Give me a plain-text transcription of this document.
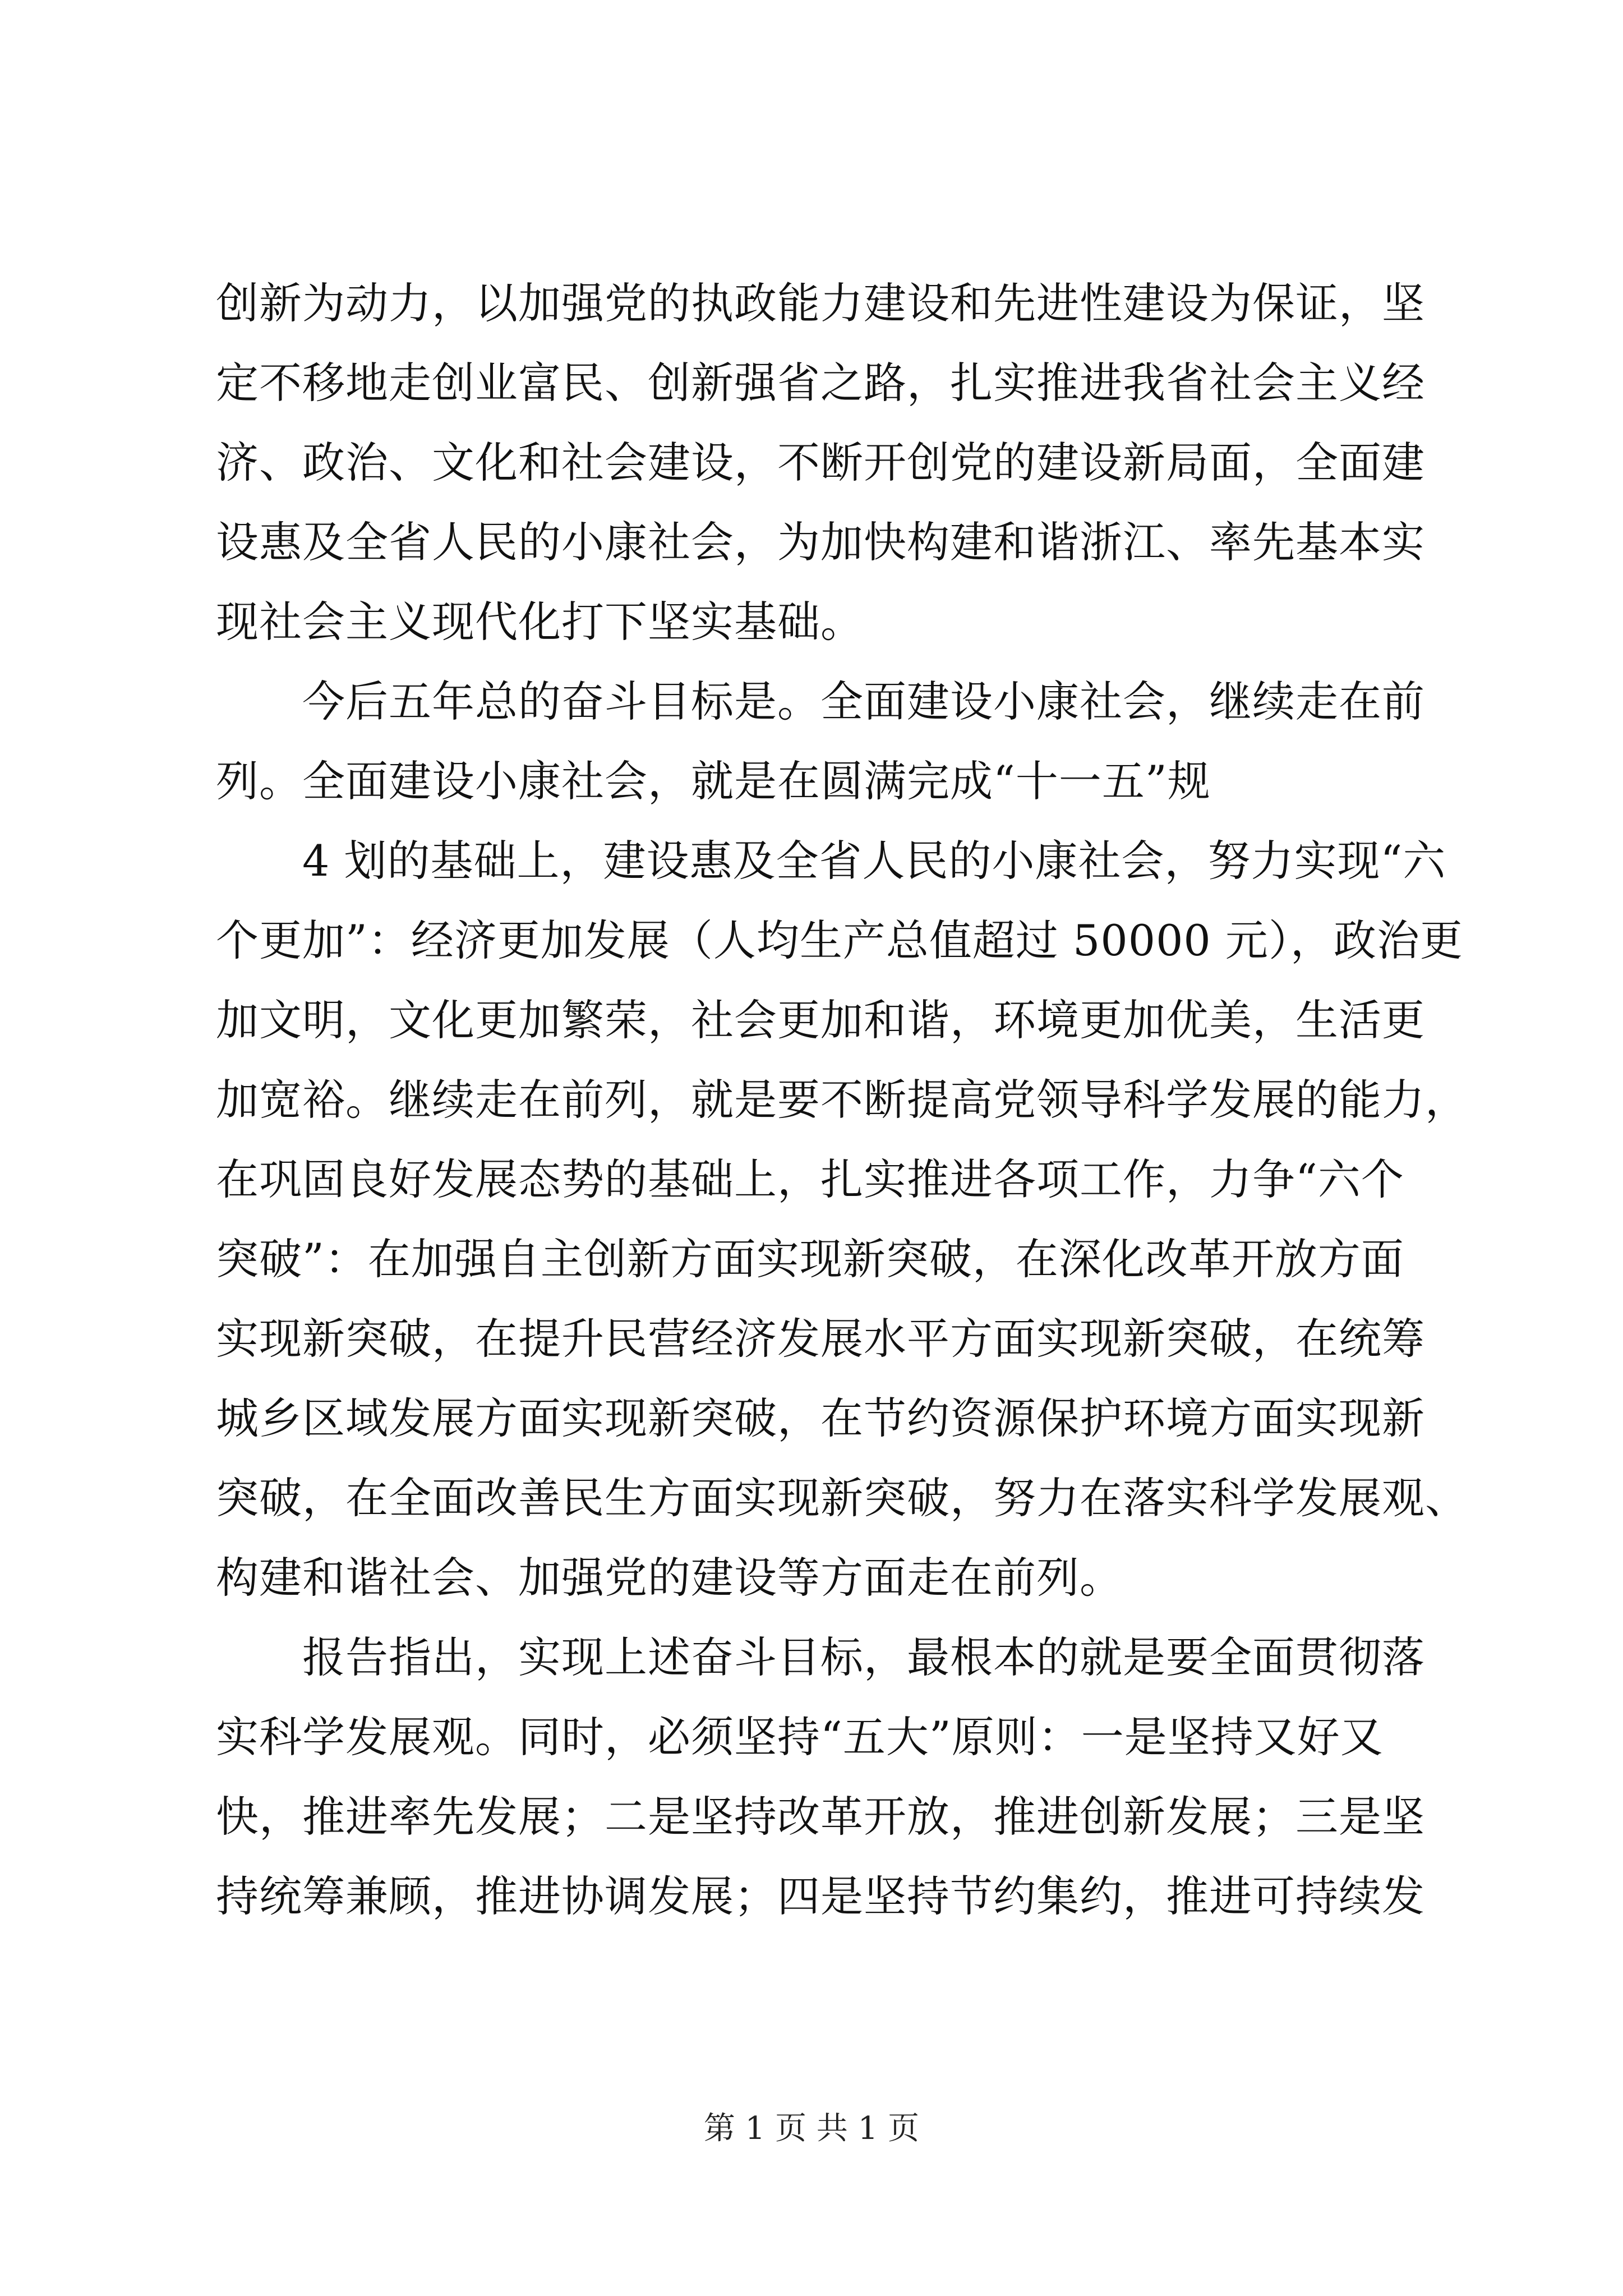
创新为动力，以加强党的执政能力建设和先进性建设为保证，坚
定不移地走创业富民、创新强省之路，扎实推进我省社会主义经
济、政治、文化和社会建设，不断开创党的建设新局面，全面建
设惠及全省人民的小康社会，为加快构建和谐浙江、率先基本实
现社会主义现代化打下坚实基础。
　　今后五年总的奋斗目标是。全面建设小康社会，继续走在前
列。全面建设小康社会，就是在圆满完成“十一五”规
　　4 划的基础上，建设惠及全省人民的小康社会，努力实现“六
个更加”：经济更加发展（人均生产总值超过 50000 元），政治更
加文明，文化更加繁荣，社会更加和谐，环境更加优美，生活更
加宽裕。继续走在前列，就是要不断提高党领导科学发展的能力，
在巩固良好发展态势的基础上，扎实推进各项工作，力争“六个
突破”：在加强自主创新方面实现新突破，在深化改革开放方面
实现新突破，在提升民营经济发展水平方面实现新突破，在统筹
城乡区域发展方面实现新突破，在节约资源保护环境方面实现新
突破，在全面改善民生方面实现新突破，努力在落实科学发展观、
构建和谐社会、加强党的建设等方面走在前列。
　　报告指出，实现上述奋斗目标，最根本的就是要全面贯彻落
实科学发展观。同时，必须坚持“五大”原则：一是坚持又好又
快，推进率先发展；二是坚持改革开放，推进创新发展；三是坚
持统筹兼顾，推进协调发展；四是坚持节约集约，推进可持续发
第 1 页 共 1 页
